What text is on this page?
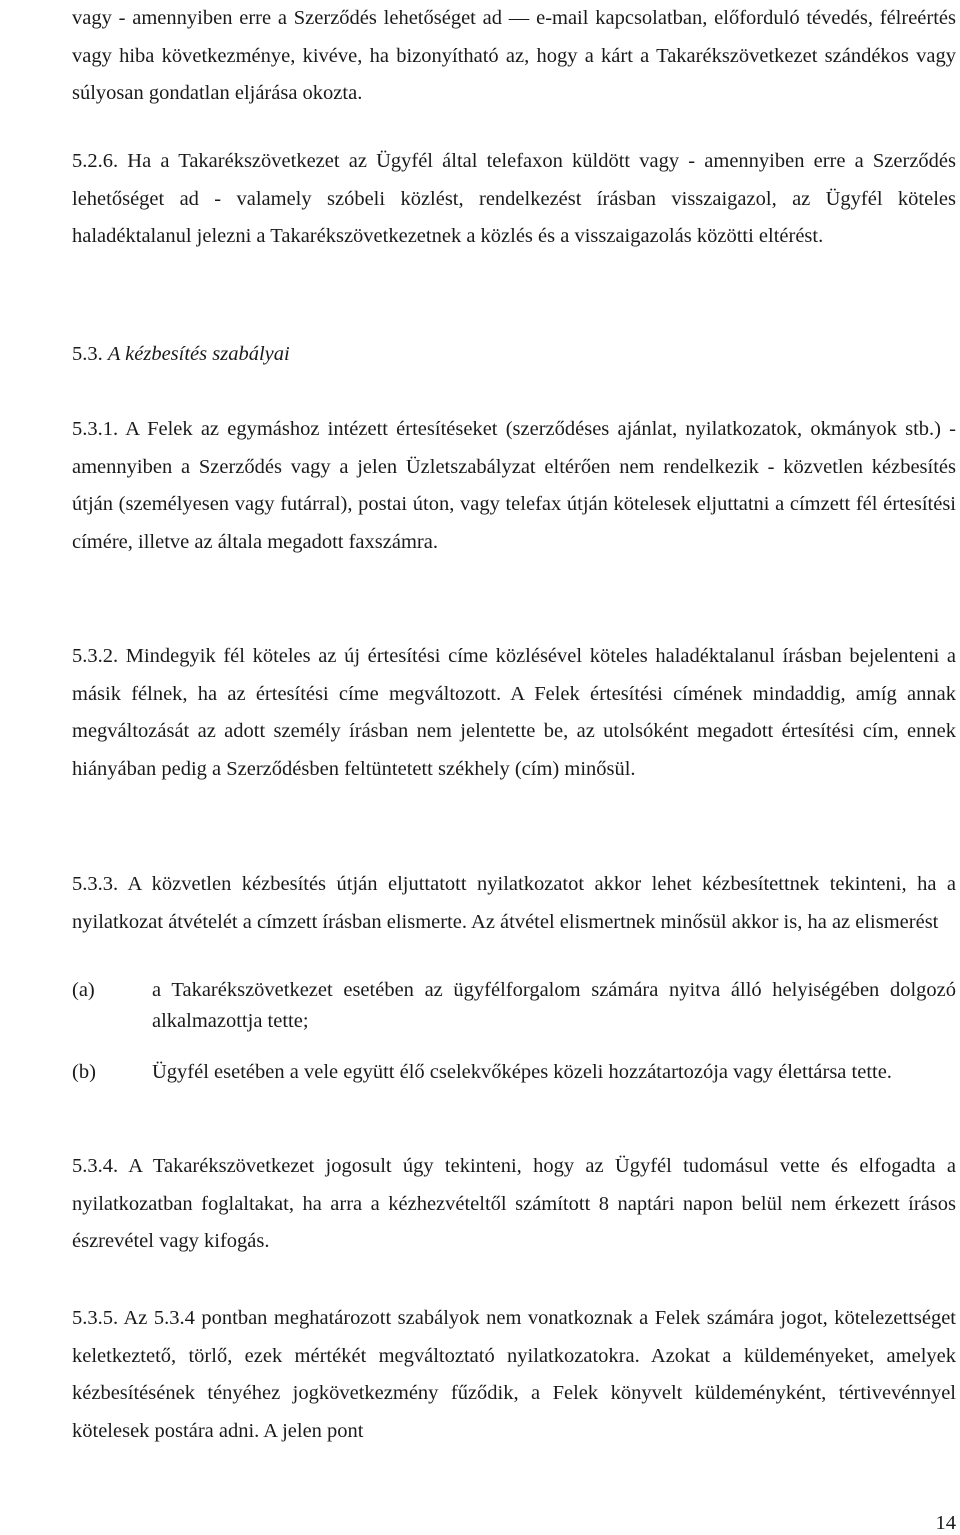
vagy - amennyiben erre a Szerződés lehetőséget ad — e-mail kapcsolatban, előforduló tévedés, félreértés vagy hiba következménye, kivéve, ha bizonyítható az, hogy a kárt a Takarékszövetkezet szándékos vagy súlyosan gondatlan eljárása okozta.

5.2.6. Ha a Takarékszövetkezet az Ügyfél által telefaxon küldött vagy - amennyiben erre a Szerződés lehetőséget ad - valamely szóbeli közlést, rendelkezést írásban visszaigazol, az Ügyfél köteles haladéktalanul jelezni a Takarékszövetkezetnek a közlés és a visszaigazolás közötti eltérést.

5.3. A kézbesítés szabályai

5.3.1. A Felek az egymáshoz intézett értesítéseket (szerződéses ajánlat, nyilatkozatok, okmányok stb.) - amennyiben a Szerződés vagy a jelen Üzletszabályzat eltérően nem rendelkezik - közvetlen kézbesítés útján (személyesen vagy futárral), postai úton, vagy telefax útján kötelesek eljuttatni a címzett fél értesítési címére, illetve az általa megadott faxszámra.

5.3.2. Mindegyik fél köteles az új értesítési címe közlésével köteles haladéktalanul írásban bejelenteni a másik félnek, ha az értesítési címe megváltozott. A Felek értesítési címének mindaddig, amíg annak megváltozását az adott személy írásban nem jelentette be, az utolsóként megadott értesítési cím, ennek hiányában pedig a Szerződésben feltüntetett székhely (cím) minősül.

5.3.3. A közvetlen kézbesítés útján eljuttatott nyilatkozatot akkor lehet kézbesítettnek tekinteni, ha a nyilatkozat átvételét a címzett írásban elismerte. Az átvétel elismertnek minősül akkor is, ha az elismerést

(a)	a Takarékszövetkezet esetében az ügyfélforgalom számára nyitva álló helyiségében dolgozó alkalmazottja tette;
(b)	Ügyfél esetében a vele együtt élő cselekvőképes közeli hozzátartozója vagy élettársa tette.

5.3.4. A Takarékszövetkezet jogosult úgy tekinteni, hogy az Ügyfél tudomásul vette és elfogadta a nyilatkozatban foglaltakat, ha arra a kézhezvételtől számított 8 naptári napon belül nem érkezett írásos észrevétel vagy kifogás.

5.3.5. Az 5.3.4 pontban meghatározott szabályok nem vonatkoznak a Felek számára jogot, kötelezettséget keletkeztető, törlő, ezek mértékét megváltoztató nyilatkozatokra. Azokat a küldeményeket, amelyek kézbesítésének tényéhez jogkövetkezmény fűződik, a Felek könyvelt küldeményként, tértivevénnyel kötelesek postára adni. A jelen pont

14
